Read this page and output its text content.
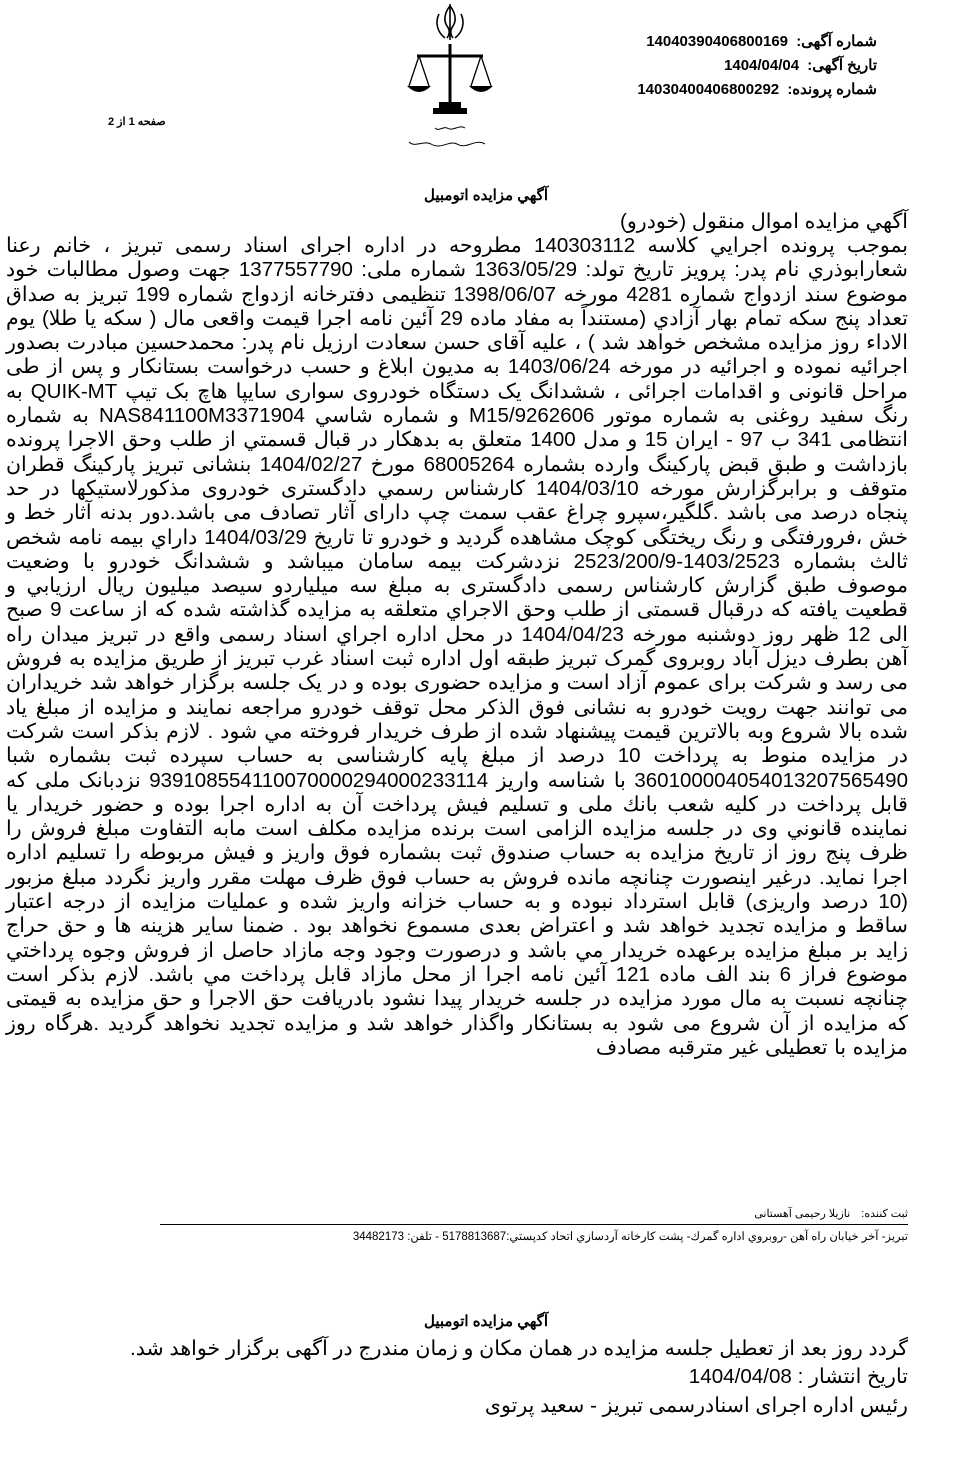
شماره آگهی: 14040390406800169
تاریخ آگهی: 1404/04/04
شماره پرونده: 14030400406800292
صفحه 1 از 2
آگهي مزايده اتومبيل
آگهي مزايده اموال منقول (خودرو)
بموجب پرونده اجرايي كلاسه 140303112 مطروحه در اداره اجرای اسناد رسمی تبریز ، خانم رعنا شعارابوذري نام پدر: پرويز تاريخ تولد: 1363/05/29 شماره ملی: 1377557790 جهت وصول مطالبات خود موضوع سند ازدواج شماره 4281 مورخه 1398/06/07 تنظیمی دفترخانه ازدواج شماره 199 تبریز به صداق تعداد پنج سكه تمام بهار آزادي (مستنداً به مفاد ماده 29 آئین نامه اجرا قیمت واقعی مال ( سكه يا طلا) یوم الاداء روز مزایده مشخص خواهد شد ) ، علیه آقای حسن سعادت ارزیل نام پدر: محمدحسين مبادرت بصدور اجرائیه نموده و اجرائیه در مورخه 1403/06/24 به مديون ابلاغ و حسب درخواست بستانكار و پس از طی مراحل قانونی و اقدامات اجرائی ، ششدانگ یک دستگاه خودروی سواری سایپا هاچ بک تیپ QUIK-MT به رنگ سفید روغنی به شماره موتور M15/9262606 و شماره شاسي NAS841100M3371904 به شماره انتظامی 341 ب 97 - ایران 15 و مدل 1400 متعلق به بدهكار در قبال قسمتي از طلب وحق الاجرا پرونده بازداشت و طبق قبض پاركینگ وارده بشماره 68005264 مورخ 1404/02/27 بنشانی تبریز پارکینگ قطران متوقف و برابرگزارش مورخه 1404/03/10 كارشناس رسمي دادگستری خودروی مذکورلاستیکها در حد پنجاه درصد می باشد .گلگیر،سپرو چراغ عقب سمت چپ دارای آثار تصادف می باشد.دور بدنه آثار خط و خش ،فرورفتگی و رنگ ریختگی کوچک مشاهده گردید و خودرو تا تاریخ 1404/03/29 داراي بیمه نامه شخص ثالث بشماره 1403/2523-2523/200/9 نزدشرکت بیمه سامان میباشد و ششدانگ خودرو با وضعیت موصوف طبق گزارش كارشناس رسمی دادگستری به مبلغ سه میلیاردو سیصد میلیون ریال ارزيابي و قطعيت يافته كه درقبال قسمتی از طلب وحق الاجراي متعلقه به مزايده گذاشته شده كه از ساعت 9 صبح الی 12 ظهر روز دوشنبه مورخه 1404/04/23 در محل اداره اجراي اسناد رسمی واقع در تبریز میدان راه آهن بطرف دیزل آباد روبروی گمرک تبریز طبقه اول اداره ثبت اسناد غرب تبریز از طريق مزايده به فروش می رسد و شركت برای عموم آزاد است و مزایده حضوری بوده و در یک جلسه برگزار خواهد شد خریداران می توانند جهت رويت خودرو به نشانی فوق الذكر محل توقف خودرو مراجعه نمايند و مزايده از مبلغ ياد شده بالا شروع وبه بالاترين قيمت پيشنهاد شده از طرف خريدار فروخته مي شود . لازم بذكر است شركت در مزايده منوط به پرداخت 10 درصد از مبلغ پایه كارشناسی به حساب سپرده ثبت بشماره شبا 360100004054013207565490 با شناسه واریز 939108554110070000294000233114 نزدبانک ملی كه قابل پرداخت در كليه شعب بانك ملی و تسليم فيش پرداخت آن به اداره اجرا بوده و حضور خريدار يا نماينده قانوني وی در جلسه مزايده الزامی است برنده مزايده مكلف است مابه التفاوت مبلغ فروش را ظرف پنج روز از تاريخ مزايده به حساب صندوق ثبت بشماره فوق واريز و فيش مربوطه را تسليم اداره اجرا نمايد. درغير اينصورت چنانچه مانده فروش به حساب فوق ظرف مهلت مقرر واريز نگردد مبلغ مزبور (10 درصد واریزی) قابل استرداد نبوده و به حساب خزانه واريز شده و عمليات مزايده از درجه اعتبار ساقط و مزايده تجديد خواهد شد و اعتراض بعدی مسموع نخواهد بود . ضمنا سایر هزینه ها و حق حراج زاید بر مبلغ مزایده برعهده خریدار مي باشد و درصورت وجود وجه مازاد حاصل از فروش وجوه پرداختي موضوع فراز 6 بند الف ماده 121 آئين نامه اجرا از محل مازاد قابل پرداخت مي باشد. لازم بذكر است چنانچه نسبت به مال مورد مزايده در جلسه خريدار پيدا نشود بادريافت حق الاجرا و حق مزايده به قيمتی كه مزايده از آن شروع می شود به بستانكار واگذار خواهد شد و مزايده تجديد نخواهد گرديد .هرگاه روز مزايده با تعطیلی غير مترقبه مصادف
ثبت کننده: نازیلا رحیمی آهستانی
تبريز- آخر خيابان راه آهن -روبروي اداره گمرك- پشت كارخانه آردسازي اتحاد كدپستي:5178813687 - تلفن: 34482173
آگهي مزايده اتومبيل
گردد روز بعد از تعطيل جلسه مزايده در همان مكان و زمان مندرج در آگهی برگزار خواهد شد.
تاریخ انتشار : 1404/04/08
رئیس اداره اجرای اسنادرسمی تبریز - سعید پرتوی
